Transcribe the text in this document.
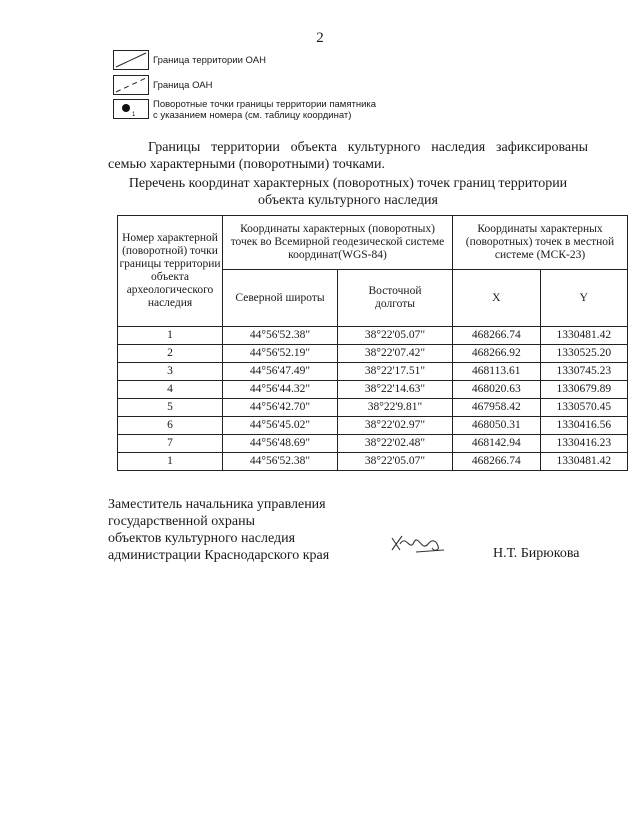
2
Граница территории ОАН
Граница ОАН
1
Поворотные точки границы территории памятника
с указанием номера (см. таблицу координат)
Границы территории объекта культурного наследия зафиксированы семью характерными (поворотными) точками.
Перечень координат характерных (поворотных) точек границ территории
объекта культурного наследия
Номер характерной (поворотной) точки границы территории объекта археологического наследия	Координаты характерных (поворотных) точек во Всемирной геодезической системе координат(WGS-84)		Координаты характерных (поворотных) точек в местной системе (МСК-23)	
	Северной широты	Восточной долготы	X	Y
1	44°56'52.38"	38°22'05.07"	468266.74	1330481.42
2	44°56'52.19"	38°22'07.42"	468266.92	1330525.20
3	44°56'47.49"	38°22'17.51"	468113.61	1330745.23
4	44°56'44.32"	38°22'14.63"	468020.63	1330679.89
5	44°56'42.70"	38°22'9.81"	467958.42	1330570.45
6	44°56'45.02"	38°22'02.97"	468050.31	1330416.56
7	44°56'48.69"	38°22'02.48"	468142.94	1330416.23
1	44°56'52.38"	38°22'05.07"	468266.74	1330481.42
Заместитель начальника управления
государственной охраны
объектов культурного наследия
администрации Краснодарского края	Н.Т. Бирюкова
